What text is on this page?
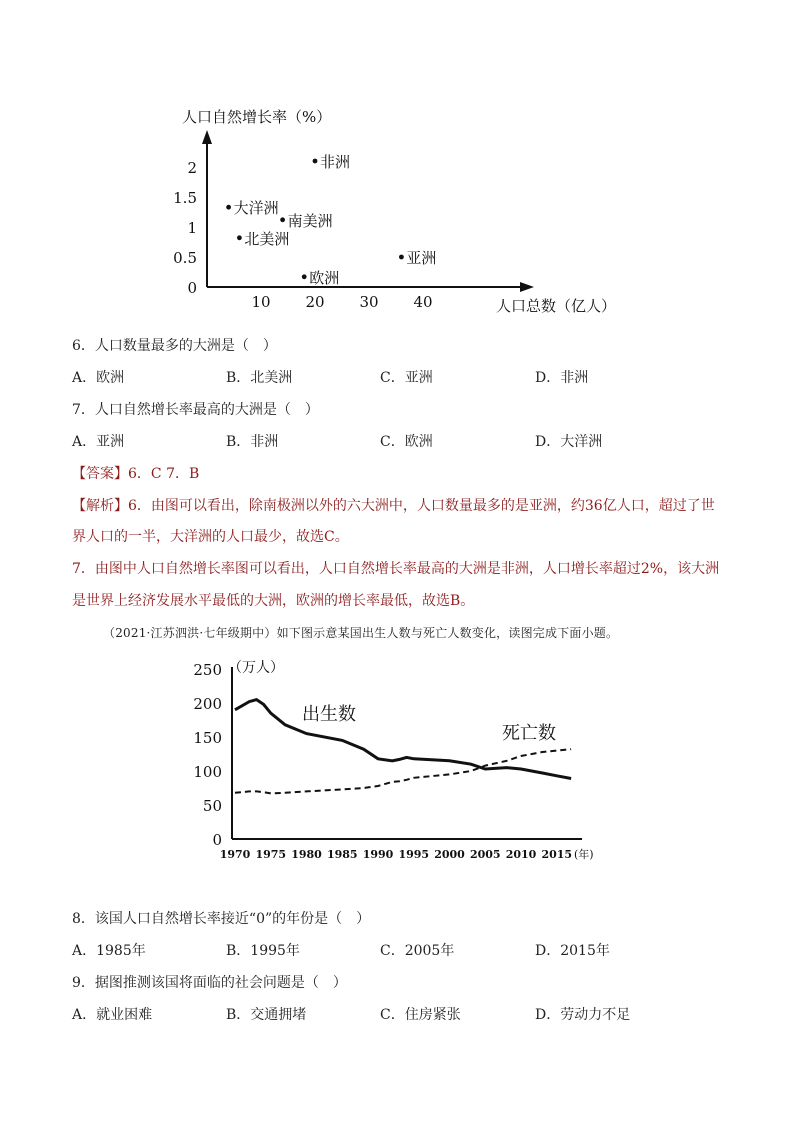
人口自然增长率（%）
0
0.5
1
1.5
2
10 20 30 40
非洲
大洋洲
南美洲
北美洲
亚洲
欧洲
人口总数（亿人）
6．人口数量最多的大洲是（　）
A．欧洲	B．北美洲	C．亚洲	D．非洲
7．人口自然增长率最高的大洲是（　）
A．亚洲	B．非洲	C．欧洲	D．大洋洲
【答案】6．C 7．B
【解析】6．由图可以看出，除南极洲以外的六大洲中，人口数量最多的是亚洲，约36亿人口，超过了世
界人口的一半，大洋洲的人口最少，故选C。
7．由图中人口自然增长率图可以看出，人口自然增长率最高的大洲是非洲，人口增长率超过2%，该大洲
是世界上经济发展水平最低的大洲，欧洲的增长率最低，故选B。
（2021·江苏泗洪·七年级期中）如下图示意某国出生人数与死亡人数变化，读图完成下面小题。
（万人）
0
50
100
150
200
250
1970 1975 1980 1985 1990 1995 2000 2005 2010 2015
出生数
死亡数
(年)
8．该国人口自然增长率接近“0”的年份是（　）
A．1985年	B．1995年	C．2005年	D．2015年
9．据图推测该国将面临的社会问题是（　）
A．就业困难	B．交通拥堵	C．住房紧张	D．劳动力不足
